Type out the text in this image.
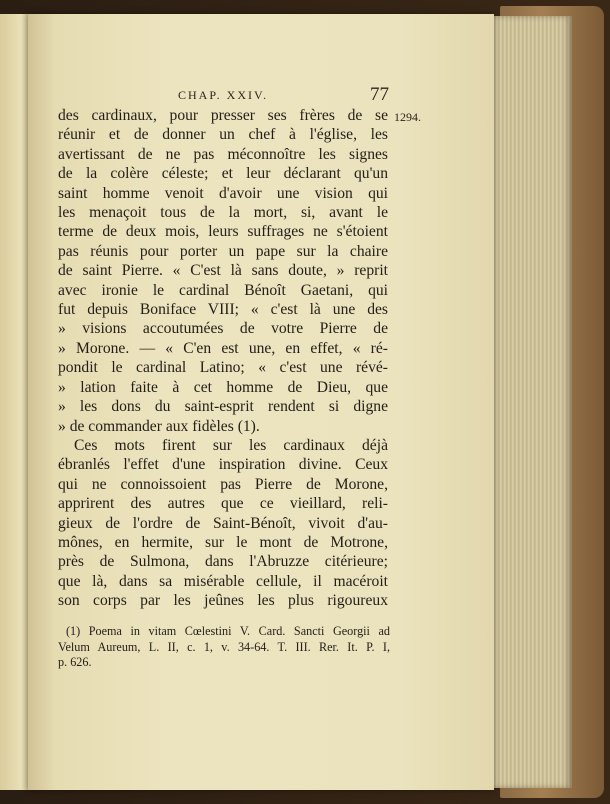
CHAP. XXIV.	77
1294.
des cardinaux, pour presser ses frères de se
réunir et de donner un chef à l'église, les
avertissant de ne pas méconnoître les signes
de la colère céleste; et leur déclarant qu'un
saint homme venoit d'avoir une vision qui
les menaçoit tous de la mort, si, avant le
terme de deux mois, leurs suffrages ne s'étoient
pas réunis pour porter un pape sur la chaire
de saint Pierre. « C'est là sans doute, » reprit
avec ironie le cardinal Bénoît Gaetani, qui
fut depuis Boniface VIII; « c'est là une des
» visions accoutumées de votre Pierre de
» Morone. — « C'en est une, en effet, « ré-
pondit le cardinal Latino; « c'est une révé-
» lation faite à cet homme de Dieu, que
» les dons du saint-esprit rendent si digne
» de commander aux fidèles (1).
Ces mots firent sur les cardinaux déjà
ébranlés l'effet d'une inspiration divine. Ceux
qui ne connoissoient pas Pierre de Morone,
apprirent des autres que ce vieillard, reli-
gieux de l'ordre de Saint-Bénoît, vivoit d'au-
mônes, en hermite, sur le mont de Motrone,
près de Sulmona, dans l'Abruzze citérieure;
que là, dans sa misérable cellule, il macéroit
son corps par les jeûnes les plus rigoureux
(1) Poema in vitam Cœlestini V. Card. Sancti Georgii ad
Velum Aureum, L. II, c. 1, v. 34-64. T. III. Rer. It. P. I,
p. 626.
